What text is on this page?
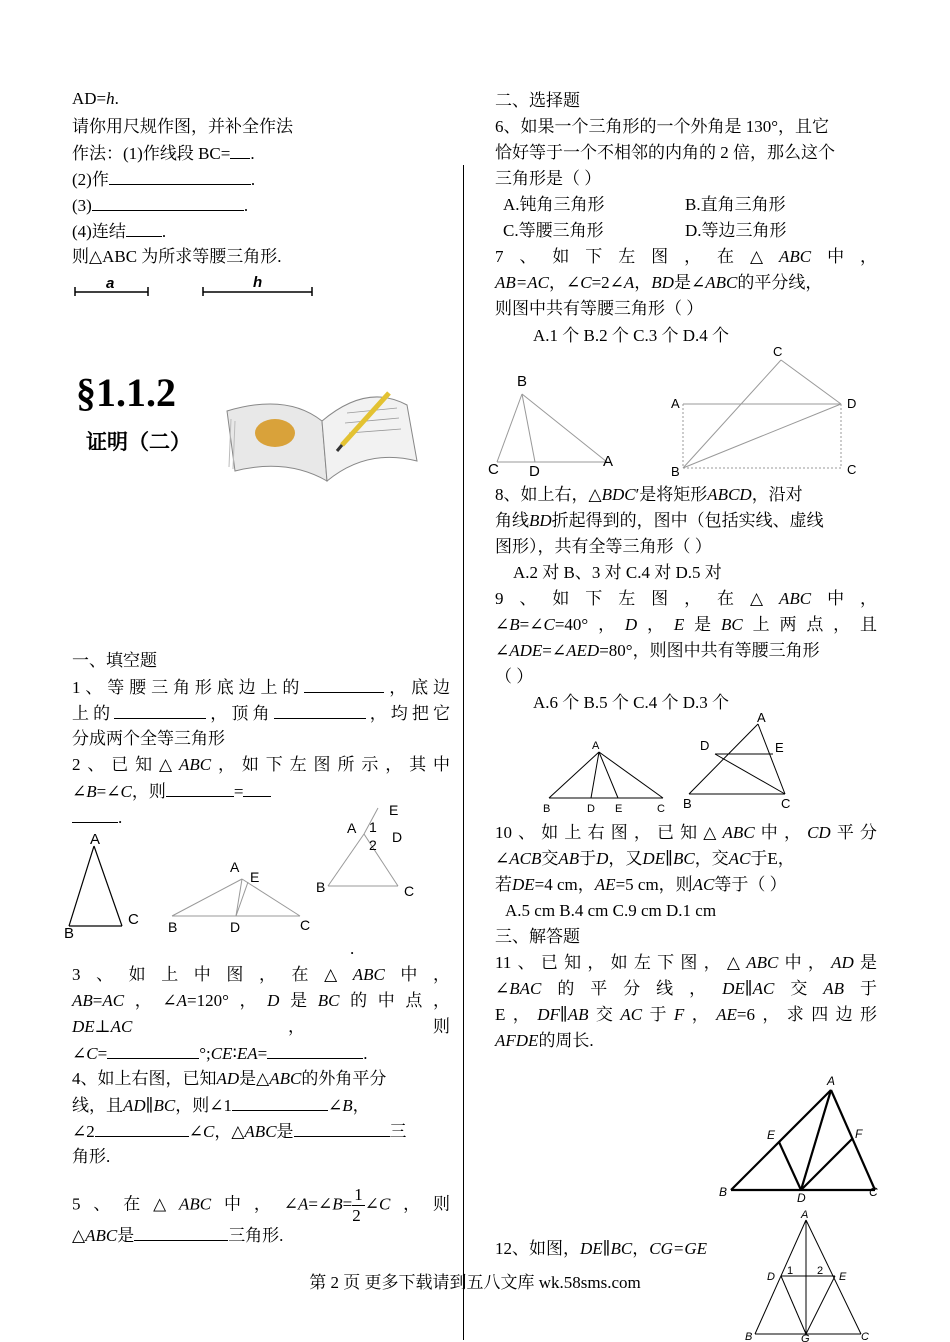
AD=h.
请你用尺规作图，并补全作法
作法：(1)作线段 BC= .
(2)作	.
(3)	.
(4)连结 .
则△ABC 为所求等腰三角形.
a	h
§1.1.2
证明（二）
一、填空题
1、等腰三角形底边上的	，底边
上的	，顶角	，均把它
分成两个全等三角形
2、已知△ABC，如下左图所示，其中
∠B=∠C，则	=
.
A
B
C
A
E
B	D	C
E
A 1
2 D
B	C
.
3、如上中图，在△ABC中，
AB=AC，∠A=120°，D是BC的中点，
DE⊥AC	，	则
∠C=	°;CE∶EA=	.
4、如上右图，已知AD是△ABC的外角平分
线，且AD∥BC，则∠1	∠B，
∠2	∠C，△ABC是	三
角形.
5、在△ABC中，∠A=∠B= $\frac{1}{2}$ ∠C，则
△ABC是	三角形.
二、选择题
6、如果一个三角形的一个外角是 130°，且它
恰好等于一个不相邻的内角的 2 倍，那么这个
三角形是（ ）
A.钝角三角形	B.直角三角形
C.等腰三角形	D.等边三角形
7、如下左图，在△ABC中，
AB=AC，∠C=2∠A，BD是∠ABC的平分线，
则图中共有等腰三角形（ ）
A.1 个 B.2 个 C.3 个 D.4 个
B
C D
A
C
A	D
B	C
8、如上右，△BDC′是将矩形ABCD，沿对
角线BD折起得到的，图中（包括实线、虚线
图形），共有全等三角形（ ）
A.2 对 B、3 对 C.4 对 D.5 对
9、如下左图，在△ABC中，
∠B=∠C=40°，D，E是BC上两点，且
∠ADE=∠AED=80°，则图中共有等腰三角形
（ ）
A.6 个 B.5 个 C.4 个 D.3 个
A
B	D E	C
A
D	E
B	C
10、如上右图，已知△ABC中，CD平分
∠ACB交AB于D，又DE∥BC，交AC于E，
若DE=4 cm，AE=5 cm，则AC等于（ ）
A.5 cm B.4 cm C.9 cm D.1 cm
三、解答题
11、已知，如左下图，△ABC中，AD是
∠BAC的平分线，DE∥AC交AB于
E，DF∥AB交AC于F，AE=6，求四边形
AFDE的周长.
A
E	F
B	D	C
12、如图，DE∥BC，CG=GE
A
D 1 2 E
B	G	C
第 2 页 更多下载请到五八文库 wk.58sms.com
